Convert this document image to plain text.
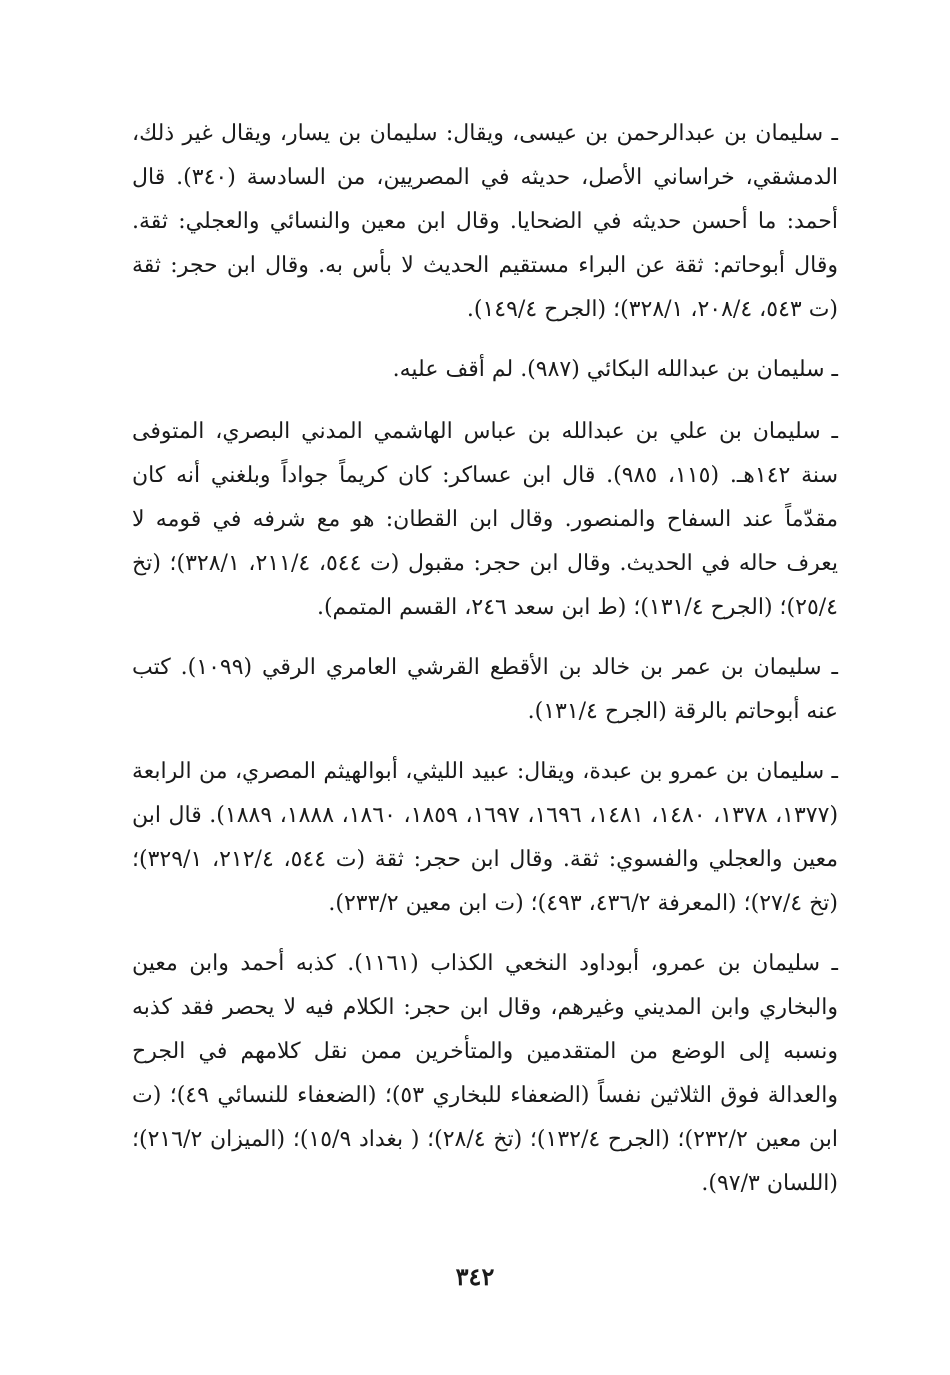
ـ سليمان بن عبدالرحمن بن عيسى، ويقال: سليمان بن يسار، ويقال غير ذلك، الدمشقي، خراساني الأصل، حديثه في المصريين، من السادسة (٣٤٠). قال أحمد: ما أحسن حديثه في الضحايا. وقال ابن معين والنسائي والعجلي: ثقة. وقال أبوحاتم: ثقة عن البراء مستقيم الحديث لا بأس به. وقال ابن حجر: ثقة (ت ٥٤٣، ٢٠٨/٤، ٣٢٨/١)؛ (الجرح ١٤٩/٤).

ـ سليمان بن عبدالله البكائي (٩٨٧). لم أقف عليه.

ـ سليمان بن علي بن عبدالله بن عباس الهاشمي المدني البصري، المتوفى سنة ١٤٢هـ. (١١٥، ٩٨٥). قال ابن عساكر: كان كريماً جواداً وبلغني أنه كان مقدّماً عند السفاح والمنصور. وقال ابن القطان: هو مع شرفه في قومه لا يعرف حاله في الحديث. وقال ابن حجر: مقبول (ت ٥٤٤، ٢١١/٤، ٣٢٨/١)؛ (تخ ٢٥/٤)؛ (الجرح ١٣١/٤)؛ (ط ابن سعد ٢٤٦، القسم المتمم).

ـ سليمان بن عمر بن خالد بن الأقطع القرشي العامري الرقي (١٠٩٩). كتب عنه أبوحاتم بالرقة (الجرح ١٣١/٤).

ـ سليمان بن عمرو بن عبدة، ويقال: عبيد الليثي، أبوالهيثم المصري، من الرابعة (١٣٧٧، ١٣٧٨، ١٤٨٠، ١٤٨١، ١٦٩٦، ١٦٩٧، ١٨٥٩، ١٨٦٠، ١٨٨٨، ١٨٨٩). قال ابن معين والعجلي والفسوي: ثقة. وقال ابن حجر: ثقة (ت ٥٤٤، ٢١٢/٤، ٣٢٩/١)؛ (تخ ٢٧/٤)؛ (المعرفة ٤٣٦/٢، ٤٩٣)؛ (ت ابن معين ٢٣٣/٢).

ـ سليمان بن عمرو، أبوداود النخعي الكذاب (١١٦١). كذبه أحمد وابن معين والبخاري وابن المديني وغيرهم، وقال ابن حجر: الكلام فيه لا يحصر فقد كذبه ونسبه إلى الوضع من المتقدمين والمتأخرين ممن نقل كلامهم في الجرح والعدالة فوق الثلاثين نفساً (الضعفاء للبخاري ٥٣)؛ (الضعفاء للنسائي ٤٩)؛ (ت ابن معين ٢٣٢/٢)؛ (الجرح ١٣٢/٤)؛ (تخ ٢٨/٤)؛ ( بغداد ١٥/٩)؛ (الميزان ٢١٦/٢)؛ (اللسان ٩٧/٣).

٣٤٢
